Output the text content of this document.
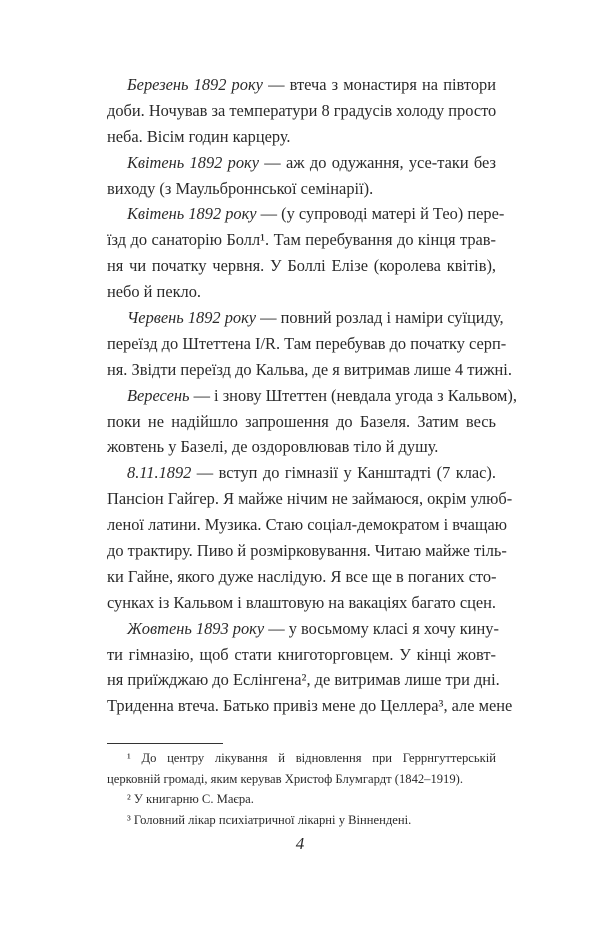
Березень 1892 року — втеча з монастиря на півтори
доби. Ночував за температури 8 градусів холоду просто
неба. Вісім годин карцеру.
Квітень 1892 року — аж до одужання, усе-таки без
виходу (з Маульброннської семінарії).
Квітень 1892 року — (у супроводі матері й Тео) пере-
їзд до санаторію Болл¹. Там перебування до кінця трав-
ня чи початку червня. У Боллі Елізе (королева квітів),
небо й пекло.
Червень 1892 року — повний розлад і наміри суїциду,
переїзд до Штеттена I/R. Там перебував до початку серп-
ня. Звідти переїзд до Кальва, де я витримав лише 4 тижні.
Вересень — і знову Штеттен (невдала угода з Кальвом),
поки не надійшло запрошення до Базеля. Затим весь
жовтень у Базелі, де оздоровлював тіло й душу.
8.11.1892 — вступ до гімназії у Канштадті (7 клас).
Пансіон Гайгер. Я майже нічим не займаюся, окрім улюб-
леної латини. Музика. Стаю соціал-демократом і вчащаю
до трактиру. Пиво й розмірковування. Читаю майже тіль-
ки Гайне, якого дуже наслідую. Я все ще в поганих сто-
сунках із Кальвом і влаштовую на вакаціях багато сцен.
Жовтень 1893 року — у восьмому класі я хочу кину-
ти гімназію, щоб стати книготорговцем. У кінці жовт-
ня приїжджаю до Еслінгена², де витримав лише три дні.
Триденна втеча. Батько привіз мене до Целлера³, але мене
¹ До центру лікування й відновлення при Геррнгуттерській
церковній громаді, яким керував Христоф Блумгардт (1842–1919).
² У книгарню С. Маєра.
³ Головний лікар психіатричної лікарні у Віннендені.
4
